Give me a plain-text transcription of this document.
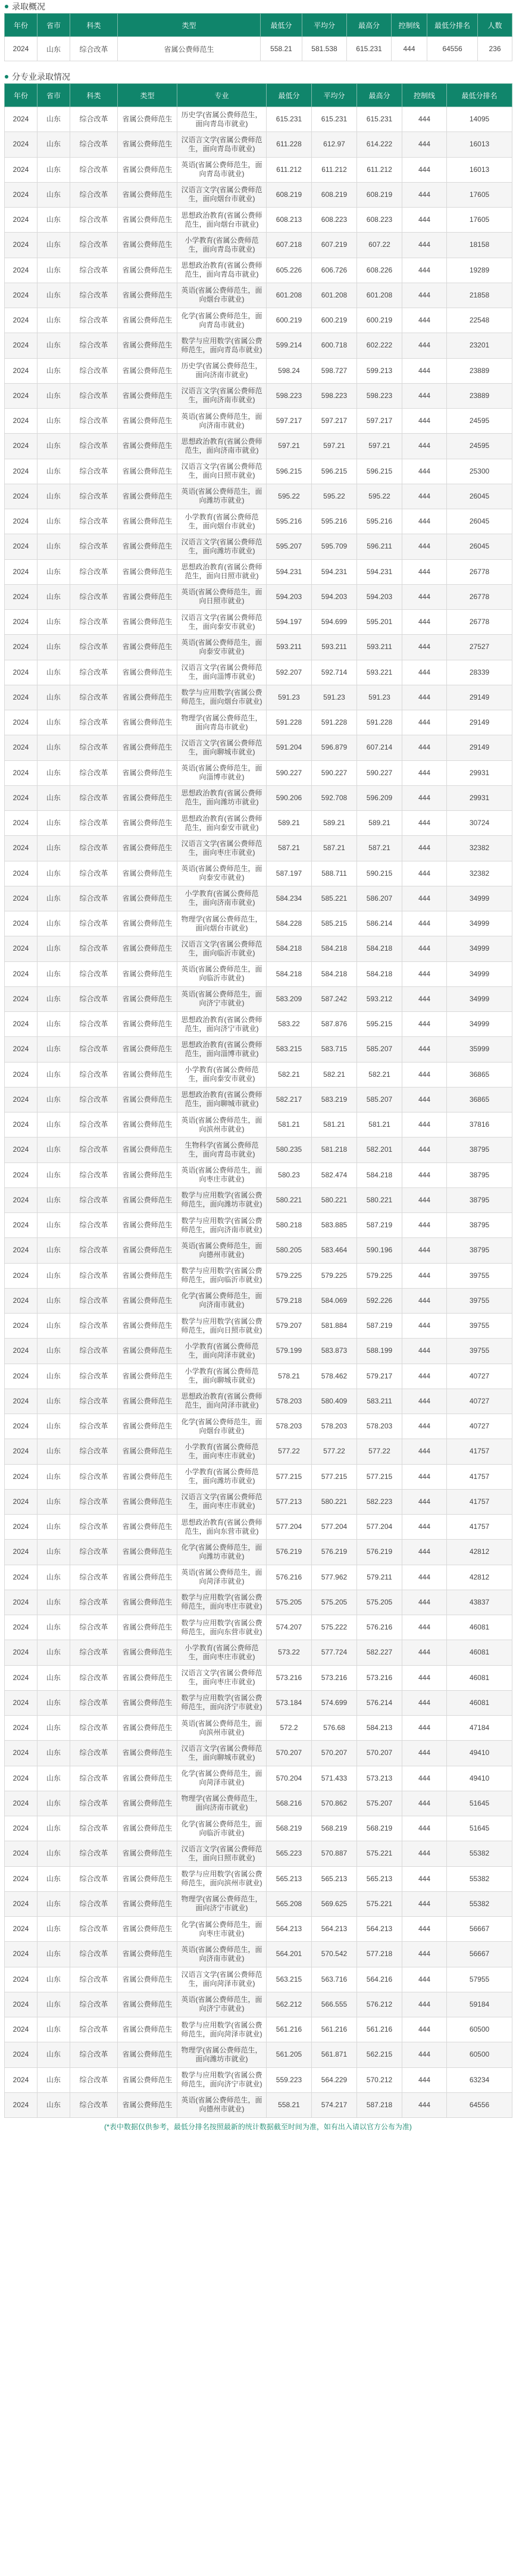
录取概况
年份	省市	科类	类型	最低分	平均分	最高分	控制线	最低分排名	人数
2024	山东	综合改革	省属公费师范生	558.21	581.538	615.231	444	64556	236
分专业录取情况
年份	省市	科类	类型	专业	最低分	平均分	最高分	控制线	最低分排名
2024	山东	综合改革	省属公费师范生	历史学(省属公费师范生，面向青岛市就业)	615.231	615.231	615.231	444	14095
2024	山东	综合改革	省属公费师范生	汉语言文学(省属公费师范生，面向青岛市就业)	611.228	612.97	614.222	444	16013
2024	山东	综合改革	省属公费师范生	英语(省属公费师范生，面向青岛市就业)	611.212	611.212	611.212	444	16013
2024	山东	综合改革	省属公费师范生	汉语言文学(省属公费师范生，面向烟台市就业)	608.219	608.219	608.219	444	17605
2024	山东	综合改革	省属公费师范生	思想政治教育(省属公费师范生，面向烟台市就业)	608.213	608.223	608.223	444	17605
2024	山东	综合改革	省属公费师范生	小学教育(省属公费师范生，面向青岛市就业)	607.218	607.219	607.22	444	18158
2024	山东	综合改革	省属公费师范生	思想政治教育(省属公费师范生，面向青岛市就业)	605.226	606.726	608.226	444	19289
2024	山东	综合改革	省属公费师范生	英语(省属公费师范生，面向烟台市就业)	601.208	601.208	601.208	444	21858
2024	山东	综合改革	省属公费师范生	化学(省属公费师范生，面向青岛市就业)	600.219	600.219	600.219	444	22548
2024	山东	综合改革	省属公费师范生	数学与应用数学(省属公费师范生，面向青岛市就业)	599.214	600.718	602.222	444	23201
2024	山东	综合改革	省属公费师范生	历史学(省属公费师范生，面向济南市就业)	598.24	598.727	599.213	444	23889
2024	山东	综合改革	省属公费师范生	汉语言文学(省属公费师范生，面向济南市就业)	598.223	598.223	598.223	444	23889
2024	山东	综合改革	省属公费师范生	英语(省属公费师范生，面向济南市就业)	597.217	597.217	597.217	444	24595
2024	山东	综合改革	省属公费师范生	思想政治教育(省属公费师范生，面向济南市就业)	597.21	597.21	597.21	444	24595
2024	山东	综合改革	省属公费师范生	汉语言文学(省属公费师范生，面向日照市就业)	596.215	596.215	596.215	444	25300
2024	山东	综合改革	省属公费师范生	英语(省属公费师范生，面向潍坊市就业)	595.22	595.22	595.22	444	26045
2024	山东	综合改革	省属公费师范生	小学教育(省属公费师范生，面向烟台市就业)	595.216	595.216	595.216	444	26045
2024	山东	综合改革	省属公费师范生	汉语言文学(省属公费师范生，面向潍坊市就业)	595.207	595.709	596.211	444	26045
2024	山东	综合改革	省属公费师范生	思想政治教育(省属公费师范生，面向日照市就业)	594.231	594.231	594.231	444	26778
2024	山东	综合改革	省属公费师范生	英语(省属公费师范生，面向日照市就业)	594.203	594.203	594.203	444	26778
2024	山东	综合改革	省属公费师范生	汉语言文学(省属公费师范生，面向泰安市就业)	594.197	594.699	595.201	444	26778
2024	山东	综合改革	省属公费师范生	英语(省属公费师范生，面向泰安市就业)	593.211	593.211	593.211	444	27527
2024	山东	综合改革	省属公费师范生	汉语言文学(省属公费师范生，面向淄博市就业)	592.207	592.714	593.221	444	28339
2024	山东	综合改革	省属公费师范生	数学与应用数学(省属公费师范生，面向烟台市就业)	591.23	591.23	591.23	444	29149
2024	山东	综合改革	省属公费师范生	物理学(省属公费师范生，面向青岛市就业)	591.228	591.228	591.228	444	29149
2024	山东	综合改革	省属公费师范生	汉语言文学(省属公费师范生，面向聊城市就业)	591.204	596.879	607.214	444	29149
2024	山东	综合改革	省属公费师范生	英语(省属公费师范生，面向淄博市就业)	590.227	590.227	590.227	444	29931
2024	山东	综合改革	省属公费师范生	思想政治教育(省属公费师范生，面向潍坊市就业)	590.206	592.708	596.209	444	29931
2024	山东	综合改革	省属公费师范生	思想政治教育(省属公费师范生，面向泰安市就业)	589.21	589.21	589.21	444	30724
2024	山东	综合改革	省属公费师范生	汉语言文学(省属公费师范生，面向枣庄市就业)	587.21	587.21	587.21	444	32382
2024	山东	综合改革	省属公费师范生	英语(省属公费师范生，面向泰安市就业)	587.197	588.711	590.215	444	32382
2024	山东	综合改革	省属公费师范生	小学教育(省属公费师范生，面向济南市就业)	584.234	585.221	586.207	444	34999
2024	山东	综合改革	省属公费师范生	物理学(省属公费师范生，面向烟台市就业)	584.228	585.215	586.214	444	34999
2024	山东	综合改革	省属公费师范生	汉语言文学(省属公费师范生，面向临沂市就业)	584.218	584.218	584.218	444	34999
2024	山东	综合改革	省属公费师范生	英语(省属公费师范生，面向临沂市就业)	584.218	584.218	584.218	444	34999
2024	山东	综合改革	省属公费师范生	英语(省属公费师范生，面向济宁市就业)	583.209	587.242	593.212	444	34999
2024	山东	综合改革	省属公费师范生	思想政治教育(省属公费师范生，面向济宁市就业)	583.22	587.876	595.215	444	34999
2024	山东	综合改革	省属公费师范生	思想政治教育(省属公费师范生，面向淄博市就业)	583.215	583.715	585.207	444	35999
2024	山东	综合改革	省属公费师范生	小学教育(省属公费师范生，面向泰安市就业)	582.21	582.21	582.21	444	36865
2024	山东	综合改革	省属公费师范生	思想政治教育(省属公费师范生，面向聊城市就业)	582.217	583.219	585.207	444	36865
2024	山东	综合改革	省属公费师范生	英语(省属公费师范生，面向滨州市就业)	581.21	581.21	581.21	444	37816
2024	山东	综合改革	省属公费师范生	生物科学(省属公费师范生，面向青岛市就业)	580.235	581.218	582.201	444	38795
2024	山东	综合改革	省属公费师范生	英语(省属公费师范生，面向枣庄市就业)	580.23	582.474	584.218	444	38795
2024	山东	综合改革	省属公费师范生	数学与应用数学(省属公费师范生，面向潍坊市就业)	580.221	580.221	580.221	444	38795
2024	山东	综合改革	省属公费师范生	数学与应用数学(省属公费师范生，面向济南市就业)	580.218	583.885	587.219	444	38795
2024	山东	综合改革	省属公费师范生	英语(省属公费师范生，面向德州市就业)	580.205	583.464	590.196	444	38795
2024	山东	综合改革	省属公费师范生	数学与应用数学(省属公费师范生，面向临沂市就业)	579.225	579.225	579.225	444	39755
2024	山东	综合改革	省属公费师范生	化学(省属公费师范生，面向济南市就业)	579.218	584.069	592.226	444	39755
2024	山东	综合改革	省属公费师范生	数学与应用数学(省属公费师范生，面向日照市就业)	579.207	581.884	587.219	444	39755
2024	山东	综合改革	省属公费师范生	小学教育(省属公费师范生，面向菏泽市就业)	579.199	583.873	588.199	444	39755
2024	山东	综合改革	省属公费师范生	小学教育(省属公费师范生，面向聊城市就业)	578.21	578.462	579.217	444	40727
2024	山东	综合改革	省属公费师范生	思想政治教育(省属公费师范生，面向菏泽市就业)	578.203	580.409	583.211	444	40727
2024	山东	综合改革	省属公费师范生	化学(省属公费师范生，面向烟台市就业)	578.203	578.203	578.203	444	40727
2024	山东	综合改革	省属公费师范生	小学教育(省属公费师范生，面向枣庄市就业)	577.22	577.22	577.22	444	41757
2024	山东	综合改革	省属公费师范生	小学教育(省属公费师范生，面向潍坊市就业)	577.215	577.215	577.215	444	41757
2024	山东	综合改革	省属公费师范生	汉语言文学(省属公费师范生，面向枣庄市就业)	577.213	580.221	582.223	444	41757
2024	山东	综合改革	省属公费师范生	思想政治教育(省属公费师范生，面向东营市就业)	577.204	577.204	577.204	444	41757
2024	山东	综合改革	省属公费师范生	化学(省属公费师范生，面向潍坊市就业)	576.219	576.219	576.219	444	42812
2024	山东	综合改革	省属公费师范生	英语(省属公费师范生，面向菏泽市就业)	576.216	577.962	579.211	444	42812
2024	山东	综合改革	省属公费师范生	数学与应用数学(省属公费师范生，面向枣庄市就业)	575.205	575.205	575.205	444	43837
2024	山东	综合改革	省属公费师范生	数学与应用数学(省属公费师范生，面向东营市就业)	574.207	575.222	576.216	444	46081
2024	山东	综合改革	省属公费师范生	小学教育(省属公费师范生，面向枣庄市就业)	573.22	577.724	582.227	444	46081
2024	山东	综合改革	省属公费师范生	汉语言文学(省属公费师范生，面向枣庄市就业)	573.216	573.216	573.216	444	46081
2024	山东	综合改革	省属公费师范生	数学与应用数学(省属公费师范生，面向济宁市就业)	573.184	574.699	576.214	444	46081
2024	山东	综合改革	省属公费师范生	英语(省属公费师范生，面向滨州市就业)	572.2	576.68	584.213	444	47184
2024	山东	综合改革	省属公费师范生	汉语言文学(省属公费师范生，面向聊城市就业)	570.207	570.207	570.207	444	49410
2024	山东	综合改革	省属公费师范生	化学(省属公费师范生，面向菏泽市就业)	570.204	571.433	573.213	444	49410
2024	山东	综合改革	省属公费师范生	物理学(省属公费师范生，面向济南市就业)	568.216	570.862	575.207	444	51645
2024	山东	综合改革	省属公费师范生	化学(省属公费师范生，面向临沂市就业)	568.219	568.219	568.219	444	51645
2024	山东	综合改革	省属公费师范生	汉语言文学(省属公费师范生，面向日照市就业)	565.223	570.887	575.221	444	55382
2024	山东	综合改革	省属公费师范生	数学与应用数学(省属公费师范生，面向滨州市就业)	565.213	565.213	565.213	444	55382
2024	山东	综合改革	省属公费师范生	物理学(省属公费师范生，面向济宁市就业)	565.208	569.625	575.221	444	55382
2024	山东	综合改革	省属公费师范生	化学(省属公费师范生，面向枣庄市就业)	564.213	564.213	564.213	444	56667
2024	山东	综合改革	省属公费师范生	英语(省属公费师范生，面向济南市就业)	564.201	570.542	577.218	444	56667
2024	山东	综合改革	省属公费师范生	汉语言文学(省属公费师范生，面向菏泽市就业)	563.215	563.716	564.216	444	57955
2024	山东	综合改革	省属公费师范生	英语(省属公费师范生，面向济宁市就业)	562.212	566.555	576.212	444	59184
2024	山东	综合改革	省属公费师范生	数学与应用数学(省属公费师范生，面向菏泽市就业)	561.216	561.216	561.216	444	60500
2024	山东	综合改革	省属公费师范生	物理学(省属公费师范生，面向潍坊市就业)	561.205	561.871	562.215	444	60500
2024	山东	综合改革	省属公费师范生	数学与应用数学(省属公费师范生，面向济宁市就业)	559.223	564.229	570.212	444	63234
2024	山东	综合改革	省属公费师范生	英语(省属公费师范生，面向德州市就业)	558.21	574.217	587.218	444	64556
(*表中数据仅供参考，最低分排名按照最新的统计数据截至时间为准，如有出入请以官方公布为准)
